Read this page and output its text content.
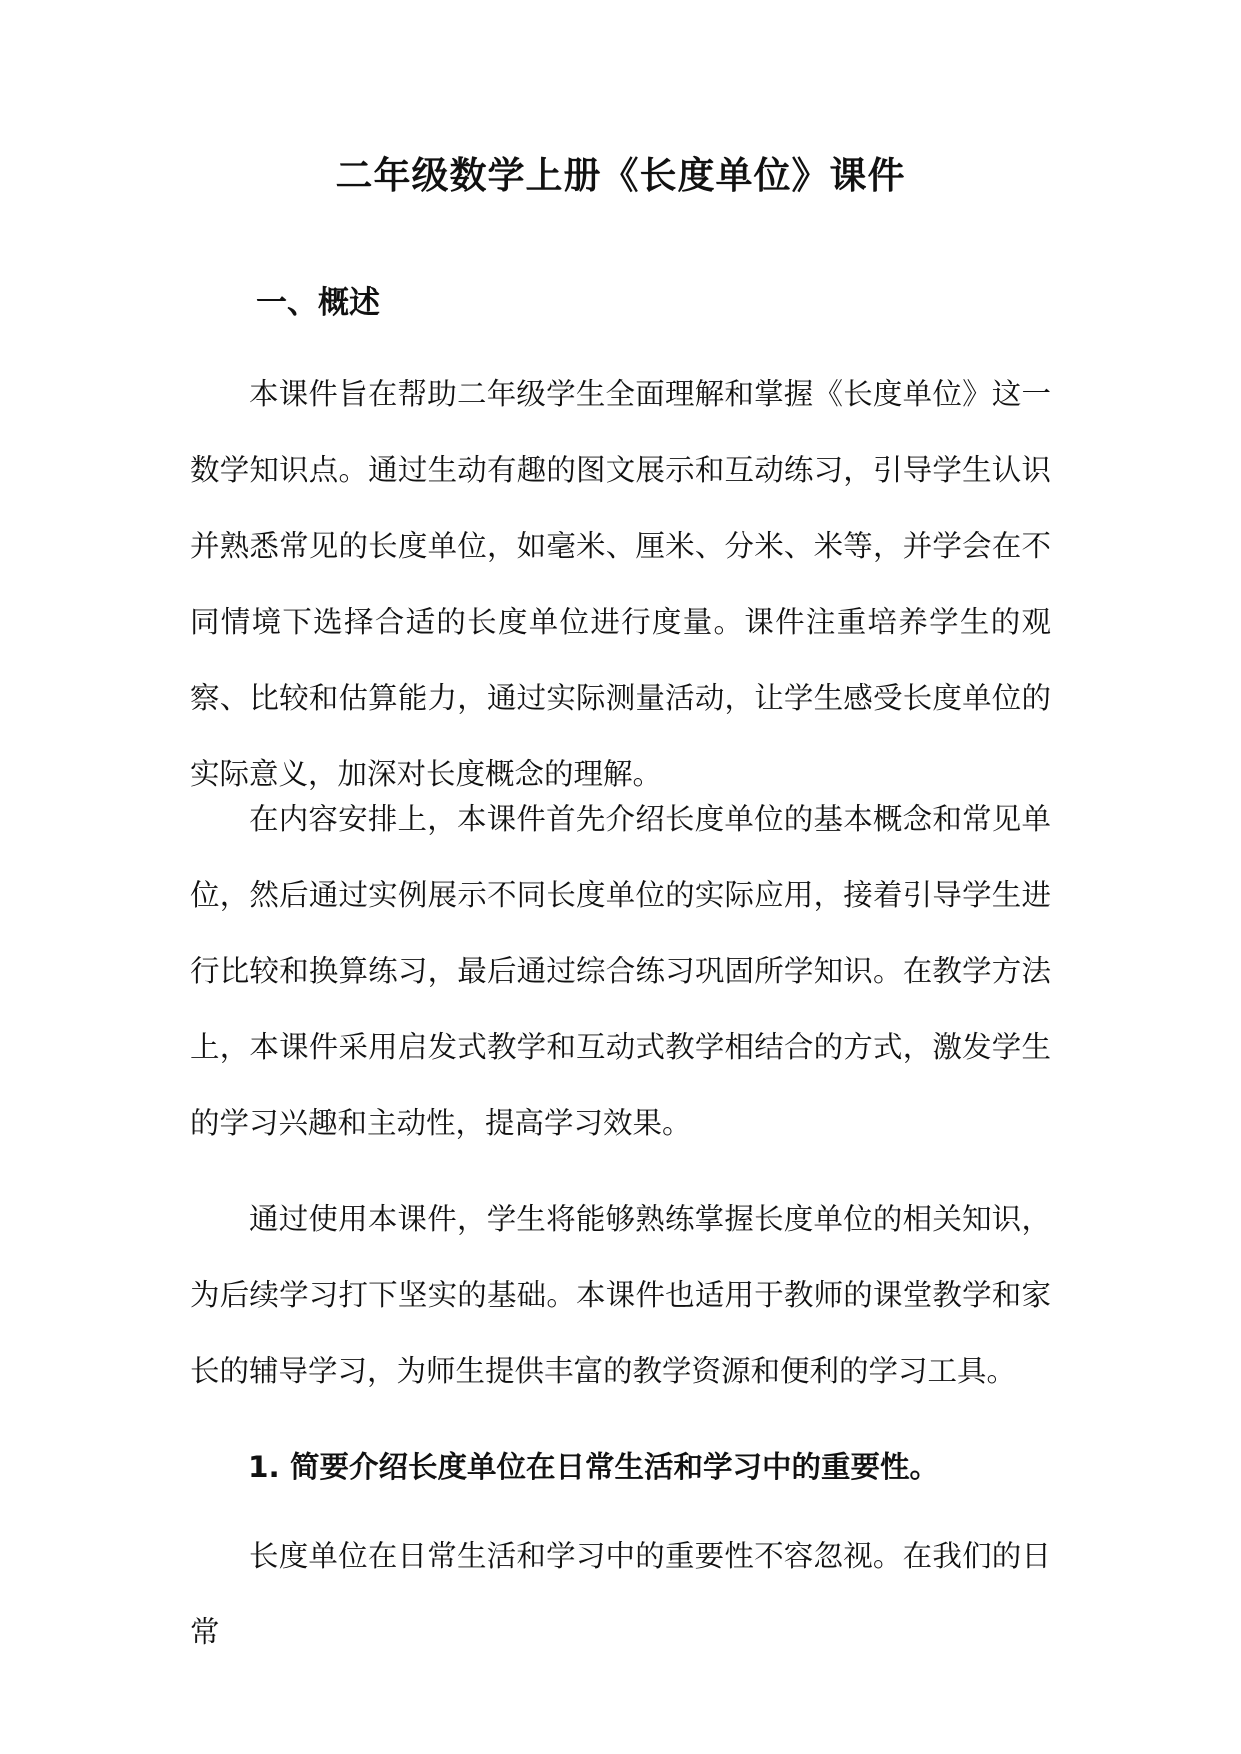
二年级数学上册《长度单位》课件
一、概述

本课件旨在帮助二年级学生全面理解和掌握《长度单位》这一数学知识点。通过生动有趣的图文展示和互动练习，引导学生认识并熟悉常见的长度单位，如毫米、厘米、分米、米等，并学会在不同情境下选择合适的长度单位进行度量。课件注重培养学生的观察、比较和估算能力，通过实际测量活动，让学生感受长度单位的实际意义，加深对长度概念的理解。

在内容安排上，本课件首先介绍长度单位的基本概念和常见单位，然后通过实例展示不同长度单位的实际应用，接着引导学生进行比较和换算练习，最后通过综合练习巩固所学知识。在教学方法上，本课件采用启发式教学和互动式教学相结合的方式，激发学生的学习兴趣和主动性，提高学习效果。

通过使用本课件，学生将能够熟练掌握长度单位的相关知识，为后续学习打下坚实的基础。本课件也适用于教师的课堂教学和家长的辅导学习，为师生提供丰富的教学资源和便利的学习工具。

1. 简要介绍长度单位在日常生活和学习中的重要性。

长度单位在日常生活和学习中的重要性不容忽视。在我们的日常
